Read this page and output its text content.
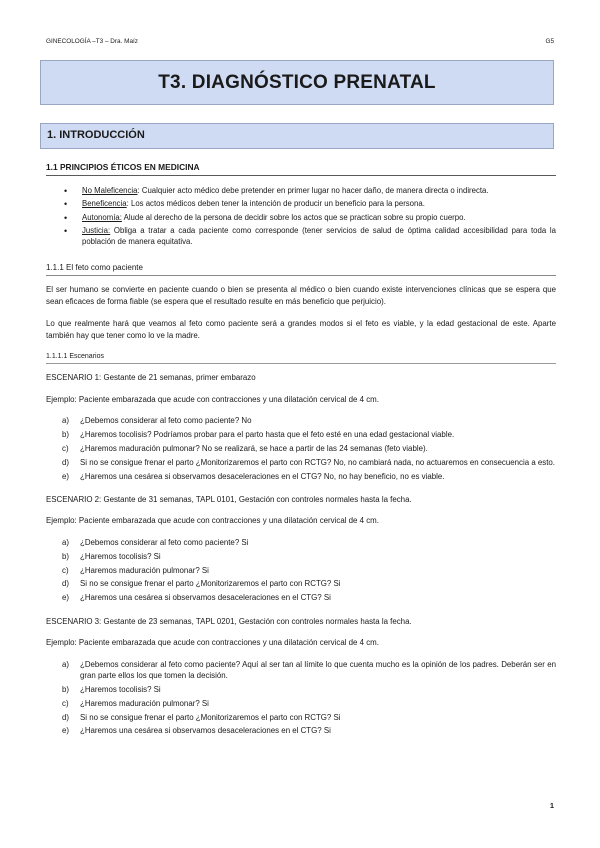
GINECOLOGÍA –T3 – Dra. Maíz	G5
T3. DIAGNÓSTICO PRENATAL
1. INTRODUCCIÓN
1.1 PRINCIPIOS ÉTICOS EN MEDICINA
• No Maleficencia: Cualquier acto médico debe pretender en primer lugar no hacer daño, de manera directa o indirecta.
• Beneficencia: Los actos médicos deben tener la intención de producir un beneficio para la persona.
• Autonomía: Alude al derecho de la persona de decidir sobre los actos que se practican sobre su propio cuerpo.
• Justicia: Obliga a tratar a cada paciente como corresponde (tener servicios de salud de óptima calidad accesibilidad para toda la población de manera equitativa.
1.1.1 El feto como paciente

El ser humano se convierte en paciente cuando o bien se presenta al médico o bien cuando existe intervenciones clínicas que se espera que sean eficaces de forma fiable (se espera que el resultado resulte en más beneficio que perjuicio).

Lo que realmente hará que veamos al feto como paciente será a grandes modos si el feto es viable, y la edad gestacional de este. Aparte también hay que tener como lo ve la madre.

1.1.1.1 Escenarios

ESCENARIO 1: Gestante de 21 semanas, primer embarazo

Ejemplo: Paciente embarazada que acude con contracciones y una dilatación cervical de 4 cm.

a)	¿Debemos considerar al feto como paciente? No
b)	¿Haremos tocolisis? Podríamos probar para el parto hasta que el feto esté en una edad gestacional viable.
c)	¿Haremos maduración pulmonar? No se realizará, se hace a partir de las 24 semanas (feto viable).
d)	Si no se consigue frenar el parto ¿Monitorizaremos el parto con RCTG? No, no cambiará nada, no actuaremos en consecuencia a esto.
e)	¿Haremos una cesárea si observamos desaceleraciones en el CTG? No, no hay beneficio, no es viable.

ESCENARIO 2: Gestante de 31 semanas, TAPL 0101, Gestación con controles normales hasta la fecha.

Ejemplo: Paciente embarazada que acude con contracciones y una dilatación cervical de 4 cm.

a)	¿Debemos considerar al feto como paciente? Si
b)	¿Haremos tocolisis? Si
c)	¿Haremos maduración pulmonar? Si
d)	Si no se consigue frenar el parto ¿Monitorizaremos el parto con RCTG? Si
e)	¿Haremos una cesárea si observamos desaceleraciones en el CTG? Si

ESCENARIO 3: Gestante de 23 semanas, TAPL 0201, Gestación con controles normales hasta la fecha.

Ejemplo: Paciente embarazada que acude con contracciones y una dilatación cervical de 4 cm.

a)	¿Debemos considerar al feto como paciente? Aquí al ser tan al límite lo que cuenta mucho es la opinión de los padres. Deberán ser en gran parte ellos los que tomen la decisión.
b)	¿Haremos tocolisis? Si
c)	¿Haremos maduración pulmonar? Si
d)	Si no se consigue frenar el parto ¿Monitorizaremos el parto con RCTG? Si
e)	¿Haremos una cesárea si observamos desaceleraciones en el CTG? Si
1
